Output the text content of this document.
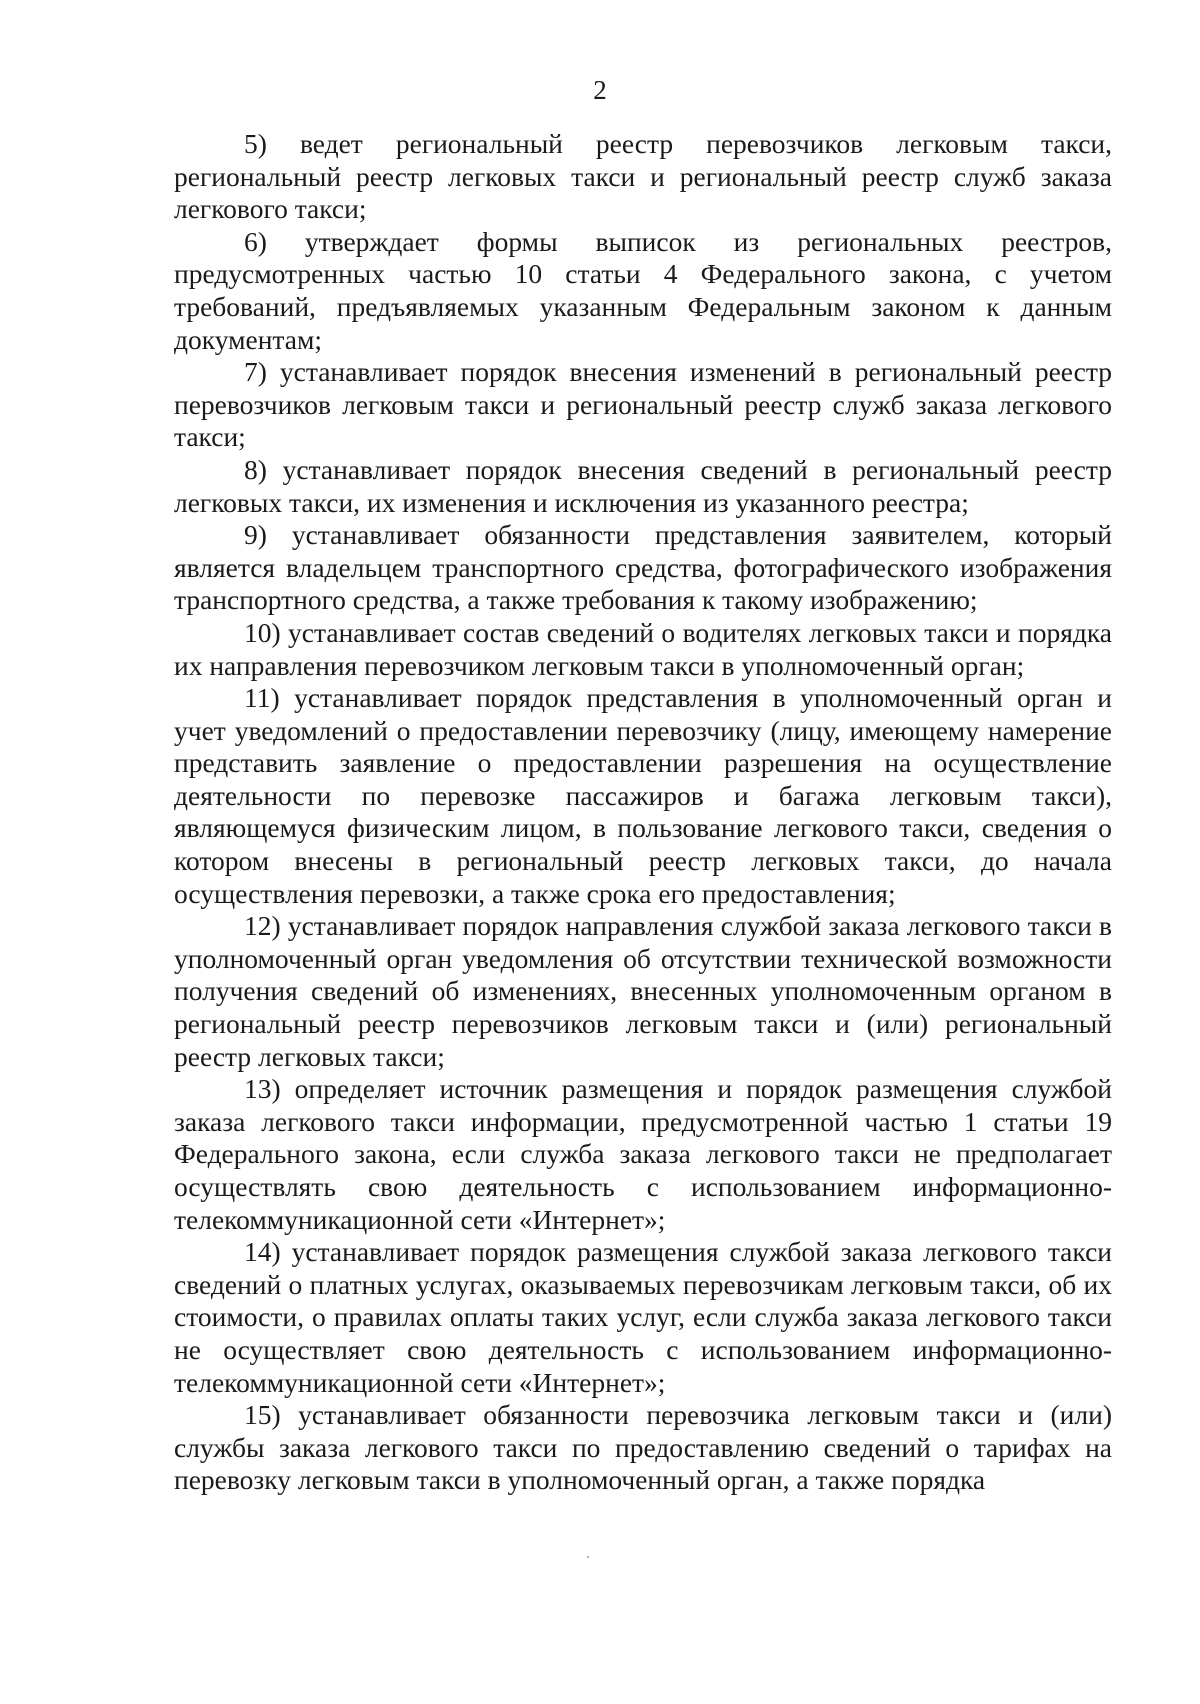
2

5) ведет региональный реестр перевозчиков легковым такси, региональный реестр легковых такси и региональный реестр служб заказа легкового такси;

6) утверждает формы выписок из региональных реестров, предусмотренных частью 10 статьи 4 Федерального закона, с учетом требований, предъявляемых указанным Федеральным законом к данным документам;

7) устанавливает порядок внесения изменений в региональный реестр перевозчиков легковым такси и региональный реестр служб заказа легкового такси;

8) устанавливает порядок внесения сведений в региональный реестр легковых такси, их изменения и исключения из указанного реестра;

9) устанавливает обязанности представления заявителем, который является владельцем транспортного средства, фотографического изображения транспортного средства, а также требования к такому изображению;

10) устанавливает состав сведений о водителях легковых такси и порядка их направления перевозчиком легковым такси в уполномоченный орган;

11) устанавливает порядок представления в уполномоченный орган и учет уведомлений о предоставлении перевозчику (лицу, имеющему намерение представить заявление о предоставлении разрешения на осуществление деятельности по перевозке пассажиров и багажа легковым такси), являющемуся физическим лицом, в пользование легкового такси, сведения о котором внесены в региональный реестр легковых такси, до начала осуществления перевозки, а также срока его предоставления;

12) устанавливает порядок направления службой заказа легкового такси в уполномоченный орган уведомления об отсутствии технической возможности получения сведений об изменениях, внесенных уполномоченным органом в региональный реестр перевозчиков легковым такси и (или) региональный реестр легковых такси;

13) определяет источник размещения и порядок размещения службой заказа легкового такси информации, предусмотренной частью 1 статьи 19 Федерального закона, если служба заказа легкового такси не предполагает осуществлять свою деятельность с использованием информационно-телекоммуникационной сети «Интернет»;

14) устанавливает порядок размещения службой заказа легкового такси сведений о платных услугах, оказываемых перевозчикам легковым такси, об их стоимости, о правилах оплаты таких услуг, если служба заказа легкового такси не осуществляет свою деятельность с использованием информационно-телекоммуникационной сети «Интернет»;

15) устанавливает обязанности перевозчика легковым такси и (или) службы заказа легкового такси по предоставлению сведений о тарифах на перевозку легковым такси в уполномоченный орган, а также порядка
